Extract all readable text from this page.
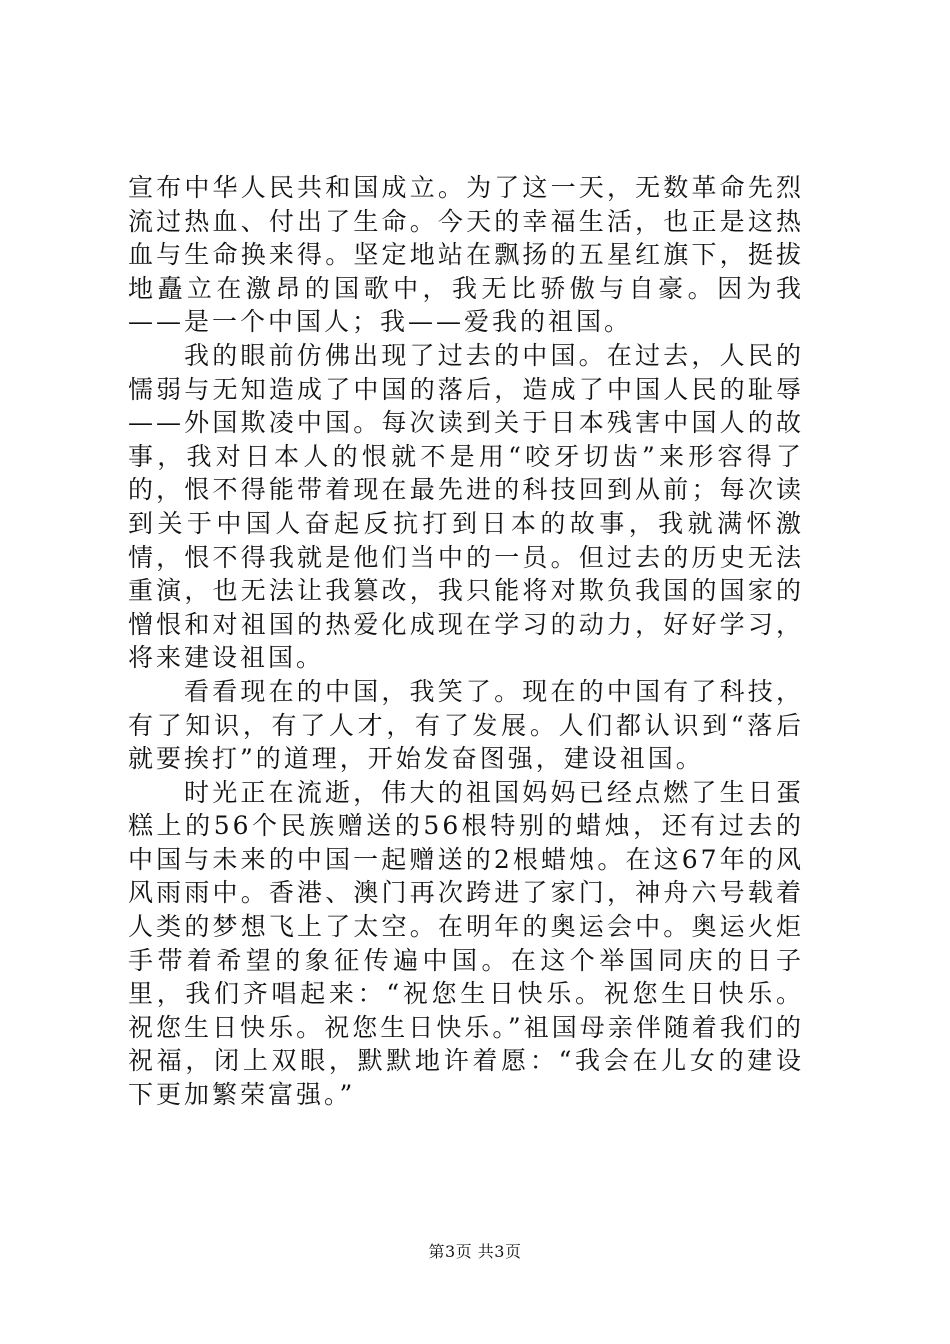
宣布中华人民共和国成立。为了这一天，无数革命先烈流过热血、付出了生命。今天的幸福生活，也正是这热血与生命换来得。坚定地站在飘扬的五星红旗下，挺拔地矗立在激昂的国歌中，我无比骄傲与自豪。因为我——是一个中国人；我——爱我的祖国。

我的眼前仿佛出现了过去的中国。在过去，人民的懦弱与无知造成了中国的落后，造成了中国人民的耻辱——外国欺凌中国。每次读到关于日本残害中国人的故事，我对日本人的恨就不是用“咬牙切齿”来形容得了的，恨不得能带着现在最先进的科技回到从前；每次读到关于中国人奋起反抗打到日本的故事，我就满怀激情，恨不得我就是他们当中的一员。但过去的历史无法重演，也无法让我篡改，我只能将对欺负我国的国家的憎恨和对祖国的热爱化成现在学习的动力，好好学习，将来建设祖国。

看看现在的中国，我笑了。现在的中国有了科技，有了知识，有了人才，有了发展。人们都认识到“落后就要挨打”的道理，开始发奋图强，建设祖国。

时光正在流逝，伟大的祖国妈妈已经点燃了生日蛋糕上的56个民族赠送的56根特别的蜡烛，还有过去的中国与未来的中国一起赠送的2根蜡烛。在这67年的风风雨雨中。香港、澳门再次跨进了家门，神舟六号载着人类的梦想飞上了太空。在明年的奥运会中。奥运火炬手带着希望的象征传遍中国。在这个举国同庆的日子里，我们齐唱起来：“祝您生日快乐。祝您生日快乐。祝您生日快乐。祝您生日快乐。”祖国母亲伴随着我们的祝福，闭上双眼，默默地许着愿：“我会在儿女的建设下更加繁荣富强。”

第3页 共3页
